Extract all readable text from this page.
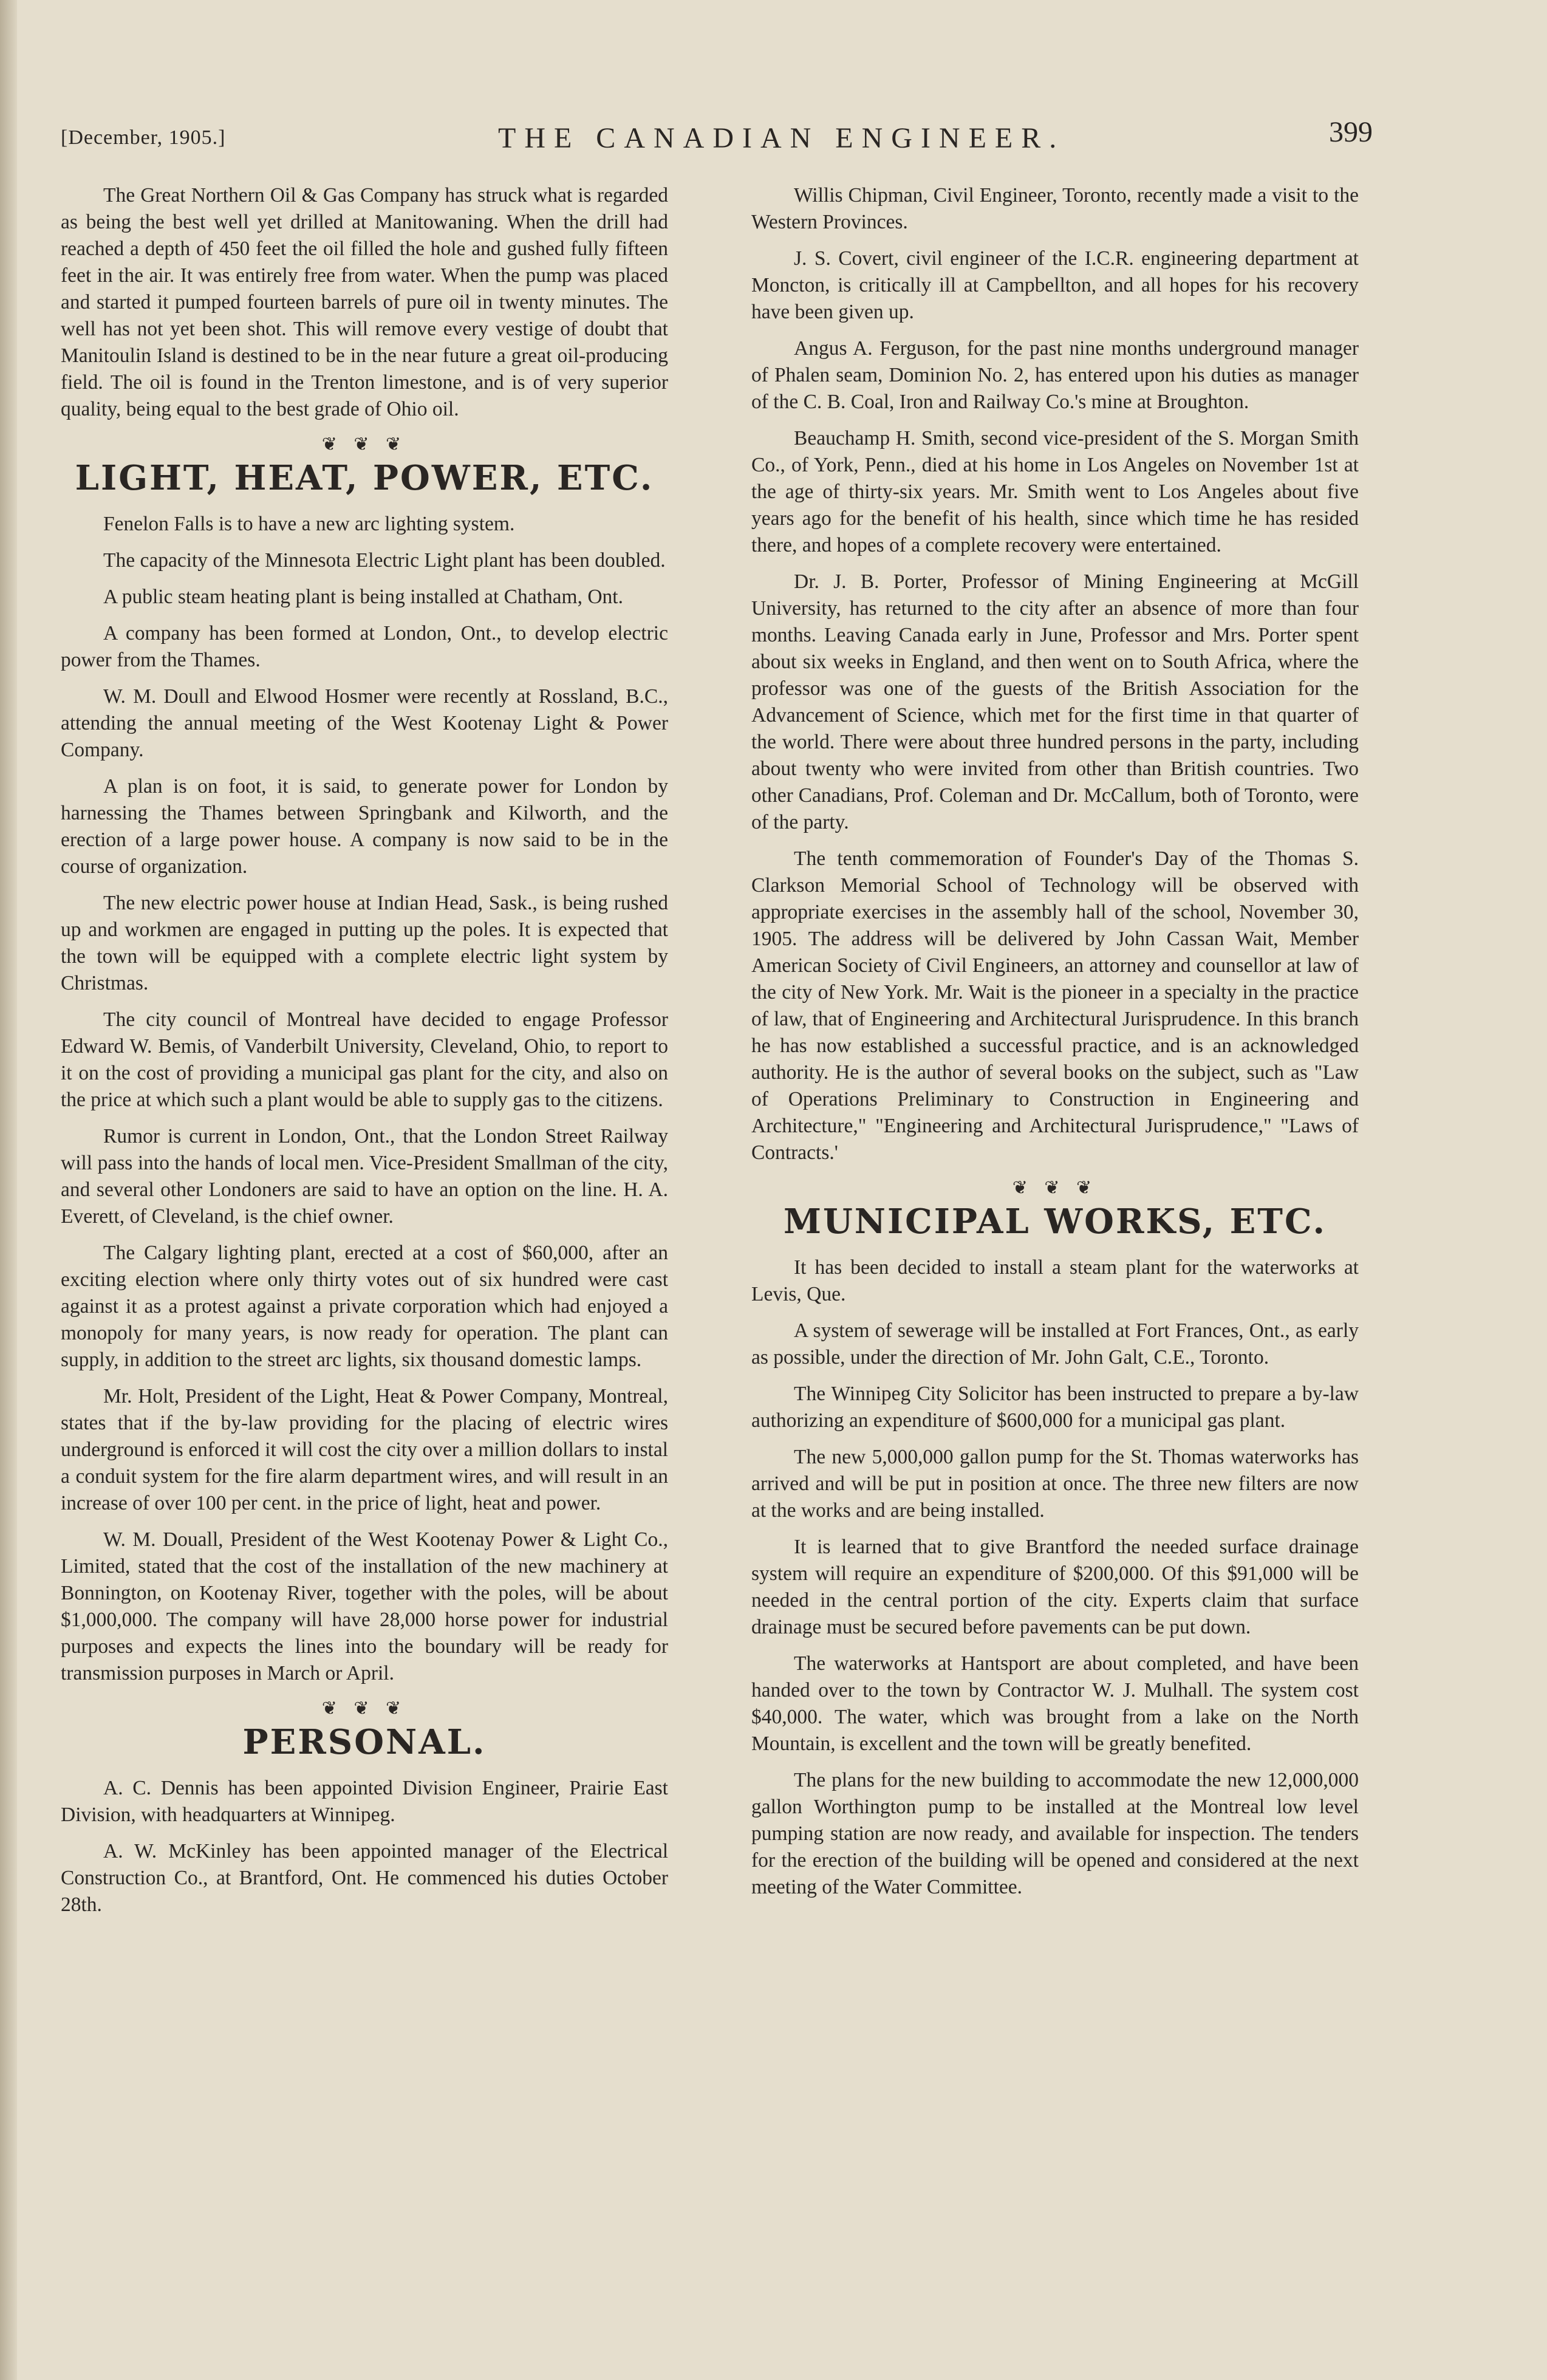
[December, 1905.]	THE CANADIAN ENGINEER.	399

The Great Northern Oil & Gas Company has struck what is regarded as being the best well yet drilled at Manitowaning. When the drill had reached a depth of 450 feet the oil filled the hole and gushed fully fifteen feet in the air. It was entirely free from water. When the pump was placed and started it pumped fourteen barrels of pure oil in twenty minutes. The well has not yet been shot. This will remove every vestige of doubt that Manitoulin Island is destined to be in the near future a great oil-producing field. The oil is found in the Trenton limestone, and is of very superior quality, being equal to the best grade of Ohio oil.

❦ ❦ ❦
LIGHT, HEAT, POWER, ETC.

Fenelon Falls is to have a new arc lighting system.

The capacity of the Minnesota Electric Light plant has been doubled.

A public steam heating plant is being installed at Chatham, Ont.

A company has been formed at London, Ont., to develop electric power from the Thames.

W. M. Doull and Elwood Hosmer were recently at Rossland, B.C., attending the annual meeting of the West Kootenay Light & Power Company.

A plan is on foot, it is said, to generate power for London by harnessing the Thames between Springbank and Kilworth, and the erection of a large power house. A company is now said to be in the course of organization.

The new electric power house at Indian Head, Sask., is being rushed up and workmen are engaged in putting up the poles. It is expected that the town will be equipped with a complete electric light system by Christmas.

The city council of Montreal have decided to engage Professor Edward W. Bemis, of Vanderbilt University, Cleveland, Ohio, to report to it on the cost of providing a municipal gas plant for the city, and also on the price at which such a plant would be able to supply gas to the citizens.

Rumor is current in London, Ont., that the London Street Railway will pass into the hands of local men. Vice-President Smallman of the city, and several other Londoners are said to have an option on the line. H. A. Everett, of Cleveland, is the chief owner.

The Calgary lighting plant, erected at a cost of $60,000, after an exciting election where only thirty votes out of six hundred were cast against it as a protest against a private corporation which had enjoyed a monopoly for many years, is now ready for operation. The plant can supply, in addition to the street arc lights, six thousand domestic lamps.

Mr. Holt, President of the Light, Heat & Power Company, Montreal, states that if the by-law providing for the placing of electric wires underground is enforced it will cost the city over a million dollars to instal a conduit system for the fire alarm department wires, and will result in an increase of over 100 per cent. in the price of light, heat and power.

W. M. Douall, President of the West Kootenay Power & Light Co., Limited, stated that the cost of the installation of the new machinery at Bonnington, on Kootenay River, together with the poles, will be about $1,000,000. The company will have 28,000 horse power for industrial purposes and expects the lines into the boundary will be ready for transmission purposes in March or April.

❦ ❦ ❦
PERSONAL.

A. C. Dennis has been appointed Division Engineer, Prairie East Division, with headquarters at Winnipeg.

A. W. McKinley has been appointed manager of the Electrical Construction Co., at Brantford, Ont. He commenced his duties October 28th.

Willis Chipman, Civil Engineer, Toronto, recently made a visit to the Western Provinces.

J. S. Covert, civil engineer of the I.C.R. engineering department at Moncton, is critically ill at Campbellton, and all hopes for his recovery have been given up.

Angus A. Ferguson, for the past nine months underground manager of Phalen seam, Dominion No. 2, has entered upon his duties as manager of the C. B. Coal, Iron and Railway Co.'s mine at Broughton.

Beauchamp H. Smith, second vice-president of the S. Morgan Smith Co., of York, Penn., died at his home in Los Angeles on November 1st at the age of thirty-six years. Mr. Smith went to Los Angeles about five years ago for the benefit of his health, since which time he has resided there, and hopes of a complete recovery were entertained.

Dr. J. B. Porter, Professor of Mining Engineering at McGill University, has returned to the city after an absence of more than four months. Leaving Canada early in June, Professor and Mrs. Porter spent about six weeks in England, and then went on to South Africa, where the professor was one of the guests of the British Association for the Advancement of Science, which met for the first time in that quarter of the world. There were about three hundred persons in the party, including about twenty who were invited from other than British countries. Two other Canadians, Prof. Coleman and Dr. McCallum, both of Toronto, were of the party.

The tenth commemoration of Founder's Day of the Thomas S. Clarkson Memorial School of Technology will be observed with appropriate exercises in the assembly hall of the school, November 30, 1905. The address will be delivered by John Cassan Wait, Member American Society of Civil Engineers, an attorney and counsellor at law of the city of New York. Mr. Wait is the pioneer in a specialty in the practice of law, that of Engineering and Architectural Jurisprudence. In this branch he has now established a successful practice, and is an acknowledged authority. He is the author of several books on the subject, such as "Law of Operations Preliminary to Construction in Engineering and Architecture," "Engineering and Architectural Jurisprudence," "Laws of Contracts.'

❦ ❦ ❦
MUNICIPAL WORKS, ETC.

It has been decided to install a steam plant for the waterworks at Levis, Que.

A system of sewerage will be installed at Fort Frances, Ont., as early as possible, under the direction of Mr. John Galt, C.E., Toronto.

The Winnipeg City Solicitor has been instructed to prepare a by-law authorizing an expenditure of $600,000 for a municipal gas plant.

The new 5,000,000 gallon pump for the St. Thomas waterworks has arrived and will be put in position at once. The three new filters are now at the works and are being installed.

It is learned that to give Brantford the needed surface drainage system will require an expenditure of $200,000. Of this $91,000 will be needed in the central portion of the city. Experts claim that surface drainage must be secured before pavements can be put down.

The waterworks at Hantsport are about completed, and have been handed over to the town by Contractor W. J. Mulhall. The system cost $40,000. The water, which was brought from a lake on the North Mountain, is excellent and the town will be greatly benefited.

The plans for the new building to accommodate the new 12,000,000 gallon Worthington pump to be installed at the Montreal low level pumping station are now ready, and available for inspection. The tenders for the erection of the building will be opened and considered at the next meeting of the Water Committee.
